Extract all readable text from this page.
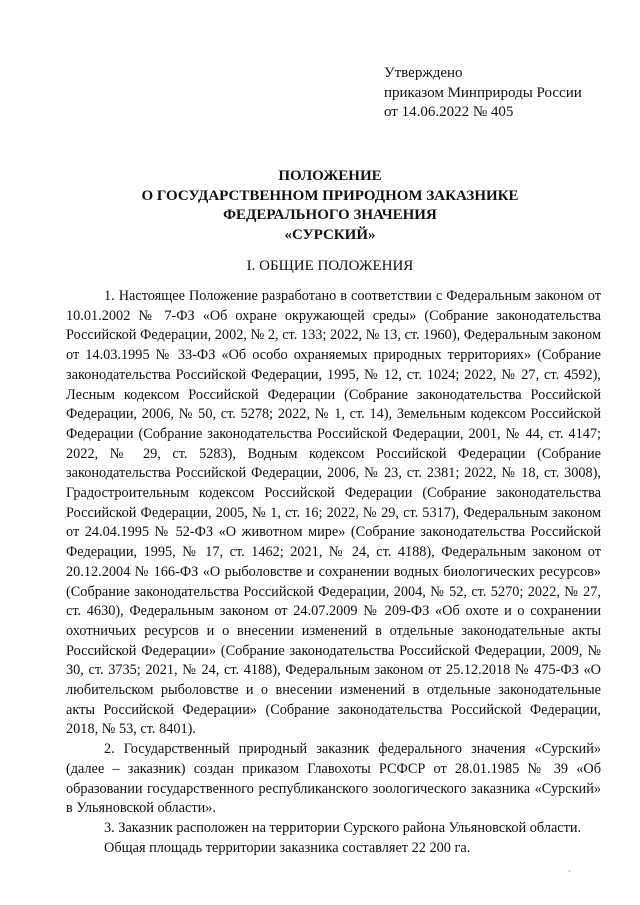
Утверждено
приказом Минприроды России
от 14.06.2022 № 405
ПОЛОЖЕНИЕ
О ГОСУДАРСТВЕННОМ ПРИРОДНОМ ЗАКАЗНИКЕ
ФЕДЕРАЛЬНОГО ЗНАЧЕНИЯ
«СУРСКИЙ»
I. ОБЩИЕ ПОЛОЖЕНИЯ

1. Настоящее Положение разработано в соответствии с Федеральным законом от 10.01.2002 № 7-ФЗ «Об охране окружающей среды» (Собрание законодательства Российской Федерации, 2002, № 2, ст. 133; 2022, № 13, ст. 1960), Федеральным законом от 14.03.1995 № 33-ФЗ «Об особо охраняемых природных территориях» (Собрание законодательства Российской Федерации, 1995, № 12, ст. 1024; 2022, № 27, ст. 4592), Лесным кодексом Российской Федерации (Собрание законодательства Российской Федерации, 2006, № 50, ст. 5278; 2022, № 1, ст. 14), Земельным кодексом Российской Федерации (Собрание законодательства Российской Федерации, 2001, № 44, ст. 4147; 2022, № 29, ст. 5283), Водным кодексом Российской Федерации (Собрание законодательства Российской Федерации, 2006, № 23, ст. 2381; 2022, № 18, ст. 3008), Градостроительным кодексом Российской Федерации (Собрание законодательства Российской Федерации, 2005, № 1, ст. 16; 2022, № 29, ст. 5317), Федеральным законом от 24.04.1995 № 52-ФЗ «О животном мире» (Собрание законодательства Российской Федерации, 1995, № 17, ст. 1462; 2021, № 24, ст. 4188), Федеральным законом от 20.12.2004 № 166-ФЗ «О рыболовстве и сохранении водных биологических ресурсов» (Собрание законодательства Российской Федерации, 2004, № 52, ст. 5270; 2022, № 27, ст. 4630), Федеральным законом от 24.07.2009 № 209-ФЗ «Об охоте и о сохранении охотничьих ресурсов и о внесении изменений в отдельные законодательные акты Российской Федерации» (Собрание законодательства Российской Федерации, 2009, № 30, ст. 3735; 2021, № 24, ст. 4188), Федеральным законом от 25.12.2018 № 475-ФЗ «О любительском рыболовстве и о внесении изменений в отдельные законодательные акты Российской Федерации» (Собрание законодательства Российской Федерации, 2018, № 53, ст. 8401).

2. Государственный природный заказник федерального значения «Сурский» (далее – заказник) создан приказом Главохоты РСФСР от 28.01.1985 № 39 «Об образовании государственного республиканского зоологического заказника «Сурский» в Ульяновской области».

3. Заказник расположен на территории Сурского района Ульяновской области.

Общая площадь территории заказника составляет 22 200 га.

ˎ
